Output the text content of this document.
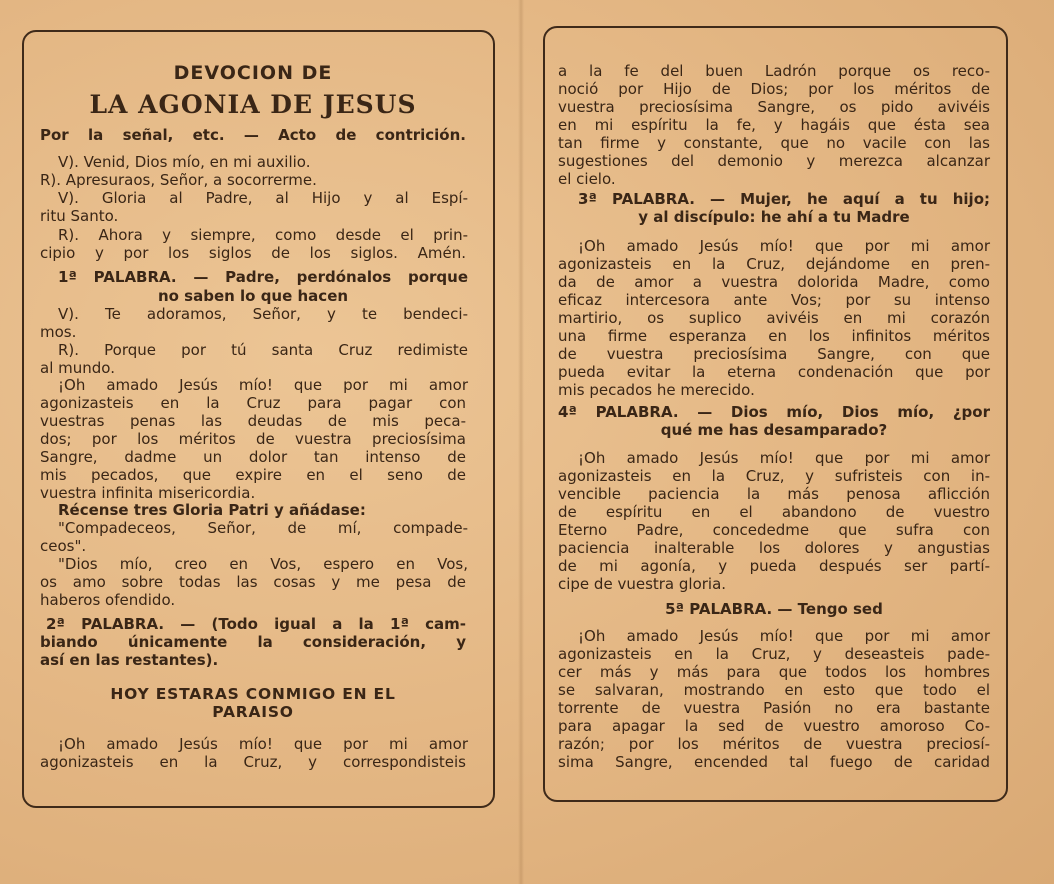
DEVOCION DE

LA AGONIA DE JESUS

Por la señal, etc. — Acto de contrición.

V). Venid, Dios mío, en mi auxilio.

R). Apresuraos, Señor, a socorrerme.

V). Gloria al Padre, al Hijo y al Espí-

ritu Santo.

R). Ahora y siempre, como desde el prin-

cipio y por los siglos de los siglos. Amén.

1ª PALABRA. — Padre, perdónalos porque

no saben lo que hacen

V). Te adoramos, Señor, y te bendeci-

mos.

R). Porque por tú santa Cruz redimiste

al mundo.

¡Oh amado Jesús mío! que por mi amor

agonizasteis en la Cruz para pagar con

vuestras penas las deudas de mis peca-

dos; por los méritos de vuestra preciosísima

Sangre, dadme un dolor tan intenso de

mis pecados, que expire en el seno de

vuestra infinita misericordia.

Récense tres Gloria Patri y añádase:

"Compadeceos, Señor, de mí, compade-

ceos".

"Dios mío, creo en Vos, espero en Vos,

os amo sobre todas las cosas y me pesa de

haberos ofendido.

2ª PALABRA. — (Todo igual a la 1ª cam-

biando únicamente la consideración, y

así en las restantes).

HOY ESTARAS CONMIGO EN EL

PARAISO

¡Oh amado Jesús mío! que por mi amor

agonizasteis en la Cruz, y correspondisteis

a la fe del buen Ladrón porque os reco-

noció por Hijo de Dios; por los méritos de

vuestra preciosísima Sangre, os pido avivéis

en mi espíritu la fe, y hagáis que ésta sea

tan firme y constante, que no vacile con las

sugestiones del demonio y merezca alcanzar

el cielo.

3ª PALABRA. — Mujer, he aquí a tu hijo;

y al discípulo: he ahí a tu Madre

¡Oh amado Jesús mío! que por mi amor

agonizasteis en la Cruz, dejándome en pren-

da de amor a vuestra dolorida Madre, como

eficaz intercesora ante Vos; por su intenso

martirio, os suplico avivéis en mi corazón

una firme esperanza en los infinitos méritos

de vuestra preciosísima Sangre, con que

pueda evitar la eterna condenación que por

mis pecados he merecido.

4ª PALABRA. — Dios mío, Dios mío, ¿por

qué me has desamparado?

¡Oh amado Jesús mío! que por mi amor

agonizasteis en la Cruz, y sufristeis con in-

vencible paciencia la más penosa aflicción

de espíritu en el abandono de vuestro

Eterno Padre, concededme que sufra con

paciencia inalterable los dolores y angustias

de mi agonía, y pueda después ser partí-

cipe de vuestra gloria.

5ª PALABRA. — Tengo sed

¡Oh amado Jesús mío! que por mi amor

agonizasteis en la Cruz, y deseasteis pade-

cer más y más para que todos los hombres

se salvaran, mostrando en esto que todo el

torrente de vuestra Pasión no era bastante

para apagar la sed de vuestro amoroso Co-

razón; por los méritos de vuestra preciosí-

sima Sangre, encended tal fuego de caridad
